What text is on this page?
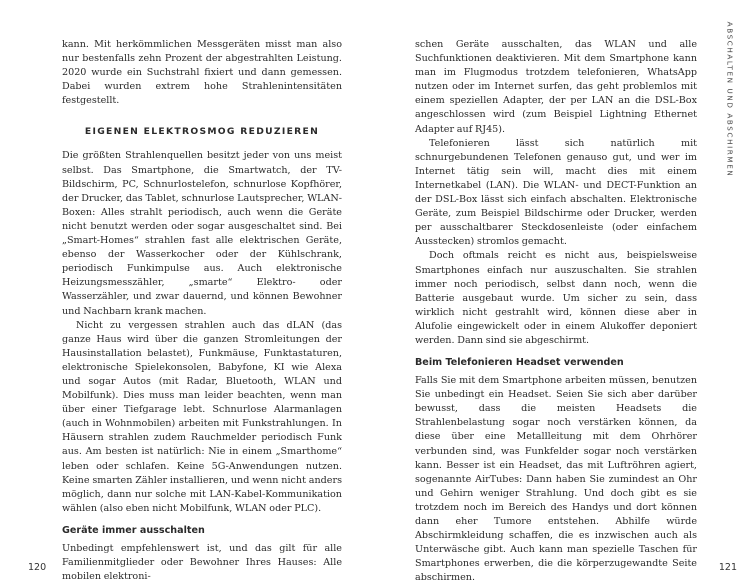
kann. Mit herkömmlichen Messgeräten misst man also nur bestenfalls zehn Prozent der abgestrahlten Leistung. 2020 wurde ein Suchstrahl fixiert und dann gemessen. Dabei wurden extrem hohe Strahlenintensitäten festgestellt.

EIGENEN ELEKTROSMOG REDUZIEREN

Die größten Strahlenquellen besitzt jeder von uns meist selbst. Das Smartphone, die Smartwatch, der TV-Bildschirm, PC, Schnurlostelefon, schnurlose Kopfhörer, der Drucker, das Tablet, schnurlose Lautsprecher, WLAN-Boxen: Alles strahlt periodisch, auch wenn die Geräte nicht benutzt werden oder sogar ausgeschaltet sind. Bei „Smart-Homes“ strahlen fast alle elektrischen Geräte, ebenso der Wasserkocher oder der Kühlschrank, periodisch Funkimpulse aus. Auch elektronische Heizungsmesszähler, „smarte“ Elektro- oder Wasserzähler, und zwar dauernd, und können Bewohner und Nachbarn krank machen.

Nicht zu vergessen strahlen auch das dLAN (das ganze Haus wird über die ganzen Stromleitungen der Hausinstallation belastet), Funkmäuse, Funktastaturen, elektronische Spielekonsolen, Babyfone, KI wie Alexa und sogar Autos (mit Radar, Bluetooth, WLAN und Mobilfunk). Dies muss man leider beachten, wenn man über einer Tiefgarage lebt. Schnurlose Alarmanlagen (auch in Wohnmobilen) arbeiten mit Funkstrahlungen. In Häusern strahlen zudem Rauchmelder periodisch Funk aus. Am besten ist natürlich: Nie in einem „Smarthome“ leben oder schlafen. Keine 5G-Anwendungen nutzen. Keine smarten Zähler installieren, und wenn nicht anders möglich, dann nur solche mit LAN-Kabel-Kommunikation wählen (also eben nicht Mobilfunk, WLAN oder PLC).

Geräte immer ausschalten

Unbedingt empfehlenswert ist, und das gilt für alle Familienmitglieder oder Bewohner Ihres Hauses: Alle mobilen elektroni-

120

schen Geräte ausschalten, das WLAN und alle Suchfunktionen deaktivieren. Mit dem Smartphone kann man im Flugmodus trotzdem telefonieren, WhatsApp nutzen oder im Internet surfen, das geht problemlos mit einem speziellen Adapter, der per LAN an die DSL-Box angeschlossen wird (zum Beispiel Lightning Ethernet Adapter auf RJ45).

Telefonieren lässt sich natürlich mit schnurgebundenen Telefonen genauso gut, und wer im Internet tätig sein will, macht dies mit einem Internetkabel (LAN). Die WLAN- und DECT-Funktion an der DSL-Box lässt sich einfach abschalten. Elektronische Geräte, zum Beispiel Bildschirme oder Drucker, werden per ausschaltbarer Steckdosenleiste (oder einfachem Ausstecken) stromlos gemacht.

Doch oftmals reicht es nicht aus, beispielsweise Smartphones einfach nur auszuschalten. Sie strahlen immer noch periodisch, selbst dann noch, wenn die Batterie ausgebaut wurde. Um sicher zu sein, dass wirklich nicht gestrahlt wird, können diese aber in Alufolie eingewickelt oder in einem Alukoffer deponiert werden. Dann sind sie abgeschirmt.

Beim Telefonieren Headset verwenden

Falls Sie mit dem Smartphone arbeiten müssen, benutzen Sie unbedingt ein Headset. Seien Sie sich aber darüber bewusst, dass die meisten Headsets die Strahlenbelastung sogar noch verstärken können, da diese über eine Metallleitung mit dem Ohrhörer verbunden sind, was Funkfelder sogar noch verstärken kann. Besser ist ein Headset, das mit Luftröhren agiert, sogenannte AirTubes: Dann haben Sie zumindest an Ohr und Gehirn weniger Strahlung. Und doch gibt es sie trotzdem noch im Bereich des Handys und dort können dann eher Tumore entstehen. Abhilfe würde Abschirmkleidung schaffen, die es inzwischen auch als Unterwäsche gibt. Auch kann man spezielle Taschen für Smartphones erwerben, die die körperzugewandte Seite abschirmen.

ABSCHALTEN UND ABSCHIRMEN
121
